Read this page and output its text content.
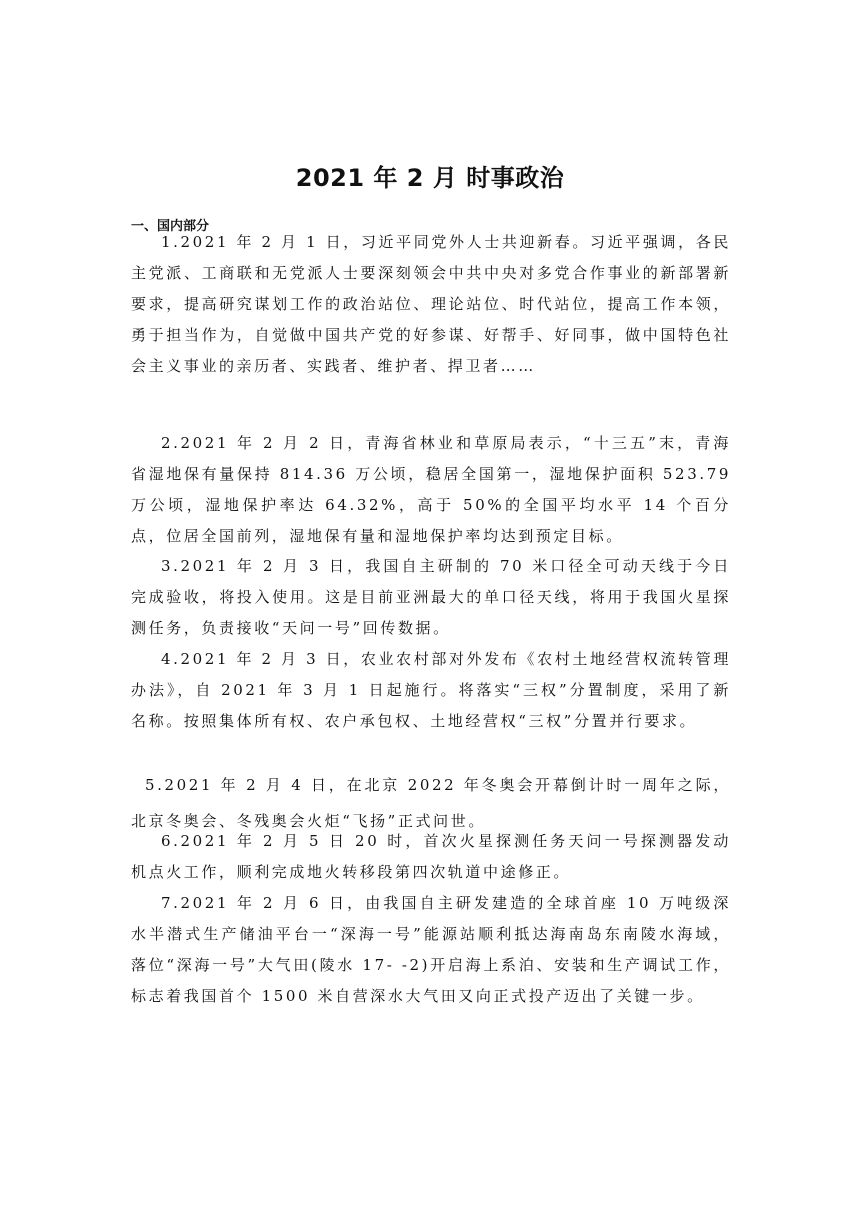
2021 年 2 月 时事政治
一、国内部分

1.2021 年 2 月 1 日，习近平同党外人士共迎新春。习近平强调，各民主党派、工商联和无党派人士要深刻领会中共中央对多党合作事业的新部署新要求，提高研究谋划工作的政治站位、理论站位、时代站位，提高工作本领，勇于担当作为，自觉做中国共产党的好参谋、好帮手、好同事，做中国特色社会主义事业的亲历者、实践者、维护者、捍卫者……

2.2021 年 2 月 2 日，青海省林业和草原局表示，“十三五”末，青海省湿地保有量保持 814.36 万公顷，稳居全国第一，湿地保护面积 523.79 万公顷，湿地保护率达 64.32%，高于 50%的全国平均水平 14 个百分点，位居全国前列，湿地保有量和湿地保护率均达到预定目标。

3.2021 年 2 月 3 日，我国自主研制的 70 米口径全可动天线于今日完成验收，将投入使用。这是目前亚洲最大的单口径天线，将用于我国火星探测任务，负责接收“天问一号”回传数据。

4.2021 年 2 月 3 日，农业农村部对外发布《农村土地经营权流转管理办法》，自 2021 年 3 月 1 日起施行。将落实“三权”分置制度，采用了新名称。按照集体所有权、农户承包权、土地经营权“三权”分置并行要求。

5.2021 年 2 月 4 日，在北京 2022 年冬奥会开幕倒计时一周年之际，北京冬奥会、冬残奥会火炬“飞扬”正式问世。

6.2021 年 2 月 5 日 20 时，首次火星探测任务天问一号探测器发动机点火工作，顺利完成地火转移段第四次轨道中途修正。

7.2021 年 2 月 6 日，由我国自主研发建造的全球首座 10 万吨级深水半潜式生产储油平台一“深海一号”能源站顺利抵达海南岛东南陵水海域，落位“深海一号”大气田(陵水 17- -2)开启海上系泊、安装和生产调试工作，标志着我国首个 1500 米自营深水大气田又向正式投产迈出了关键一步。
